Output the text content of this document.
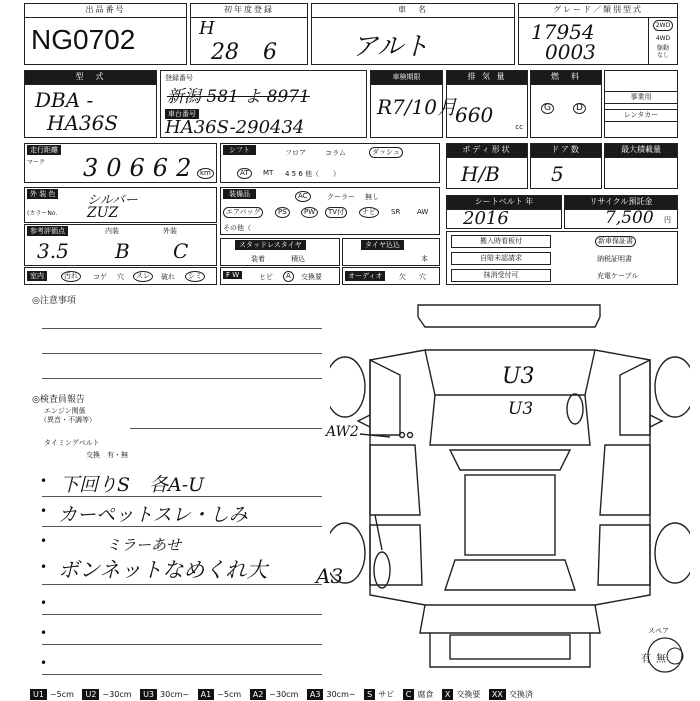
出品番号
NG0702
初年度登録
H
28 6
車　名
アルト
グレード／類別型式
17954
0003
2WD
4WD
駆動
なし
型　式
DBA -
HA36S
登録番号
新潟 581 よ 8971
車台番号
HA36S-290434
車検期限
R7/10月
排 気 量
660	cc
燃　料
G	D
事業用
レンタカー
走行距離
マーク 30662 km
シフト	フロア	コラム	ダッシュ
AT	MT 4 5 6 他（　　）
ボディ形状
H/B
ドア数
5
最大積載量
外 装 色
(カラーNo.
シルバー
ZUZ
装備品	AC	クーラー 無し
エアバッグ	PS	PW	TV付	ナビ	SR AW
その他（
シートベルト 年
2016
リサイクル預託金
7,500 円
参考評価点	内装	外装
3.5 B C	スタッドレスタイヤ
装着	積込
タイヤ込込
本
搬入時看板付
自賠未認請求
抹消受付可
新車保証書
納税証明書
充電ケーブル
室内	汚れ	コゲ 穴	スレ	破れ	シミ	F W	ヒビ	A	交換要	オーディオ	欠 穴
◎注意事項
◎検査員報告
エンジン関係
（異音・不調等）
タイミングベルト
交換　有・無
• 下回りS　各A-U
• カーペットスレ・しみ
•	ミラーあせ
• ボンネットなめくれ大
•
•
•
U3
U3
AW2
A3
スペア
有 無
U1 ~5cm U2 ~30cm U3 30cm~ A1 ~5cm A2 ~30cm A3 30cm~ S サビ C 腐食 X 交換要 XX 交換済
